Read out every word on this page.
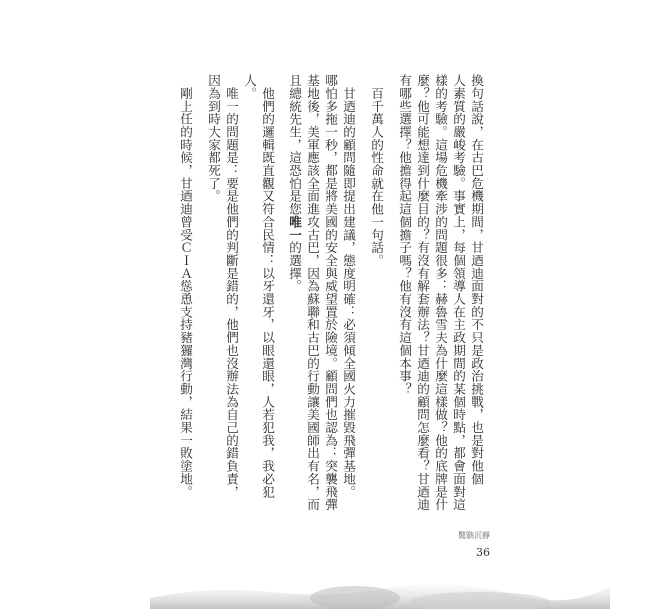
換句話說，在古巴危機期間，甘迺迪面對的不只是政治挑戰，也是對他個
人素質的嚴峻考驗。事實上，每個領導人在主政期間的某個時點，都會面對這
樣的考驗。這場危機牽涉的問題很多：赫魯雪夫為什麼這樣做？他的底牌是什
麼？他可能想達到什麼目的？有沒有解套辦法？甘迺迪的顧問怎麼看？甘迺迪
有哪些選擇？他擔得起這個擔子嗎？他有沒有這個本事？
　百千萬人的性命就在他一句話。
　甘迺迪的顧問隨即提出建議，態度明確：必須傾全國火力摧毀飛彈基地。
哪怕多拖一秒，都是將美國的安全與威望置於險境。顧問們也認為：突襲飛彈
基地後，美軍應該全面進攻古巴，因為蘇聯和古巴的行動讓美國師出有名，而
且總統先生，這恐怕是您唯一的選擇。
　他們的邏輯既直觀又符合民情：以牙還牙，以眼還眼，人若犯我，我必犯
人。
　唯一的問題是：要是他們的判斷是錯的，他們也沒辦法為自己的錯負責，
因為到時大家都死了。
　剛上任的時候，甘迺迪曾受ＣＩＡ慫恿支持豬玀灣行動，結果一敗塗地。
驚駭沉靜
36
